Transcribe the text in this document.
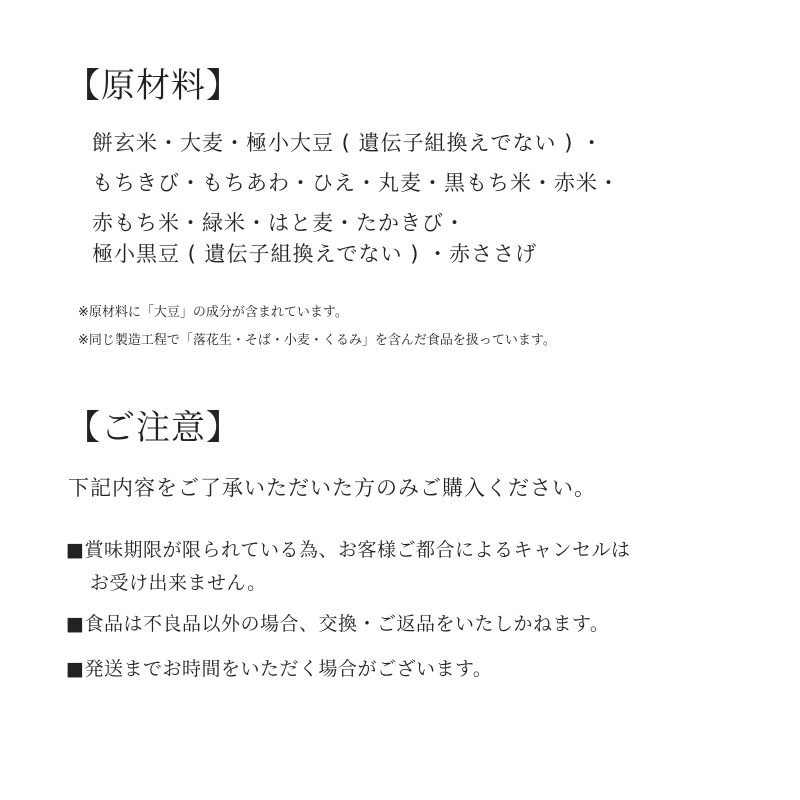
【原材料】
餅玄米・大麦・極小大豆 ( 遺伝子組換えでない ) ・
もちきび・もちあわ・ひえ・丸麦・黒もち米・赤米・
赤もち米・緑米・はと麦・たかきび・
極小黒豆 ( 遺伝子組換えでない ) ・赤ささげ
※原材料に「大豆」の成分が含まれています。
※同じ製造工程で「落花生・そば・小麦・くるみ」を含んだ食品を扱っています。
【ご注意】
下記内容をご了承いただいた方のみご購入ください。
■賞味期限が限られている為、お客様ご都合によるキャンセルは
お受け出来ません。
■食品は不良品以外の場合、交換・ご返品をいたしかねます。
■発送までお時間をいただく場合がございます。
